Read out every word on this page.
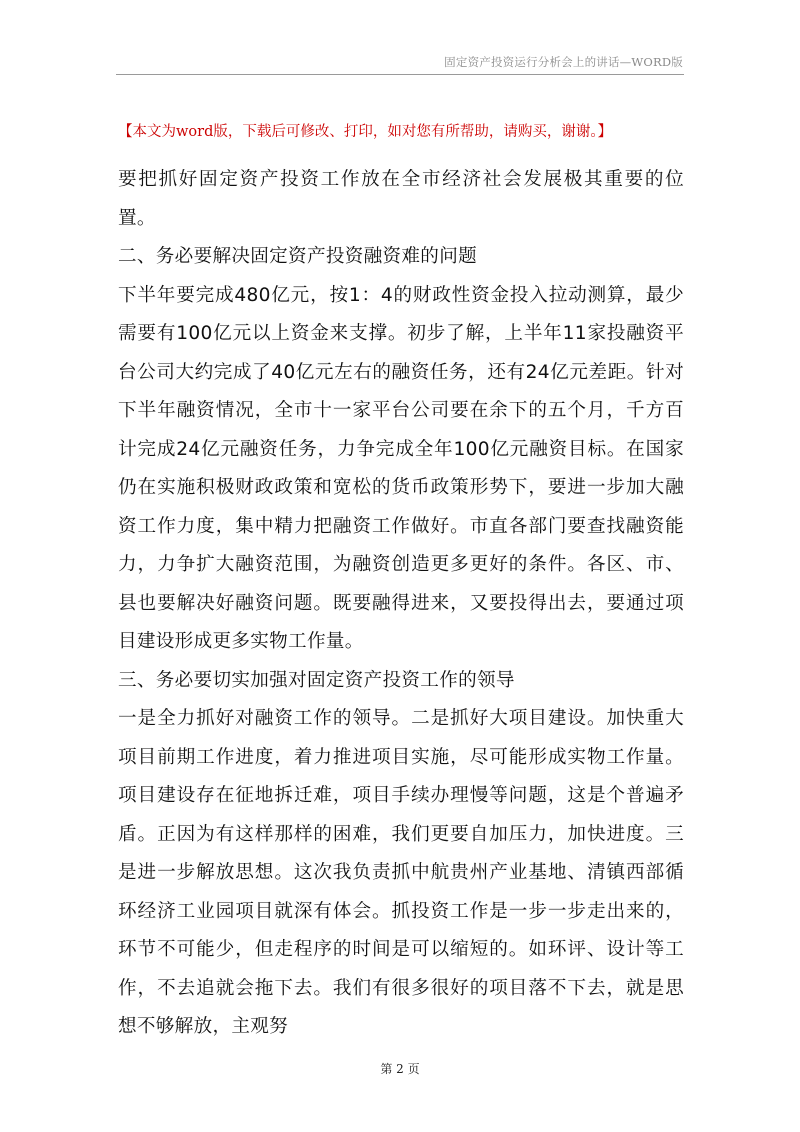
固定资产投资运行分析会上的讲话—WORD版
【本文为word版，下载后可修改、打印，如对您有所帮助，请购买，谢谢。】

要把抓好固定资产投资工作放在全市经济社会发展极其重要的位置。

二、务必要解决固定资产投资融资难的问题

下半年要完成480亿元，按1：4的财政性资金投入拉动测算，最少需要有100亿元以上资金来支撑。初步了解，上半年11家投融资平台公司大约完成了40亿元左右的融资任务，还有24亿元差距。针对下半年融资情况，全市十一家平台公司要在余下的五个月，千方百计完成24亿元融资任务，力争完成全年100亿元融资目标。在国家仍在实施积极财政政策和宽松的货币政策形势下，要进一步加大融资工作力度，集中精力把融资工作做好。市直各部门要查找融资能力，力争扩大融资范围，为融资创造更多更好的条件。各区、市、县也要解决好融资问题。既要融得进来，又要投得出去，要通过项目建设形成更多实物工作量。

三、务必要切实加强对固定资产投资工作的领导

一是全力抓好对融资工作的领导。二是抓好大项目建设。加快重大项目前期工作进度，着力推进项目实施，尽可能形成实物工作量。项目建设存在征地拆迁难，项目手续办理慢等问题，这是个普遍矛盾。正因为有这样那样的困难，我们更要自加压力，加快进度。三是进一步解放思想。这次我负责抓中航贵州产业基地、清镇西部循环经济工业园项目就深有体会。抓投资工作是一步一步走出来的，环节不可能少，但走程序的时间是可以缩短的。如环评、设计等工作，不去追就会拖下去。我们有很多很好的项目落不下去，就是思想不够解放，主观努

第 2 页
